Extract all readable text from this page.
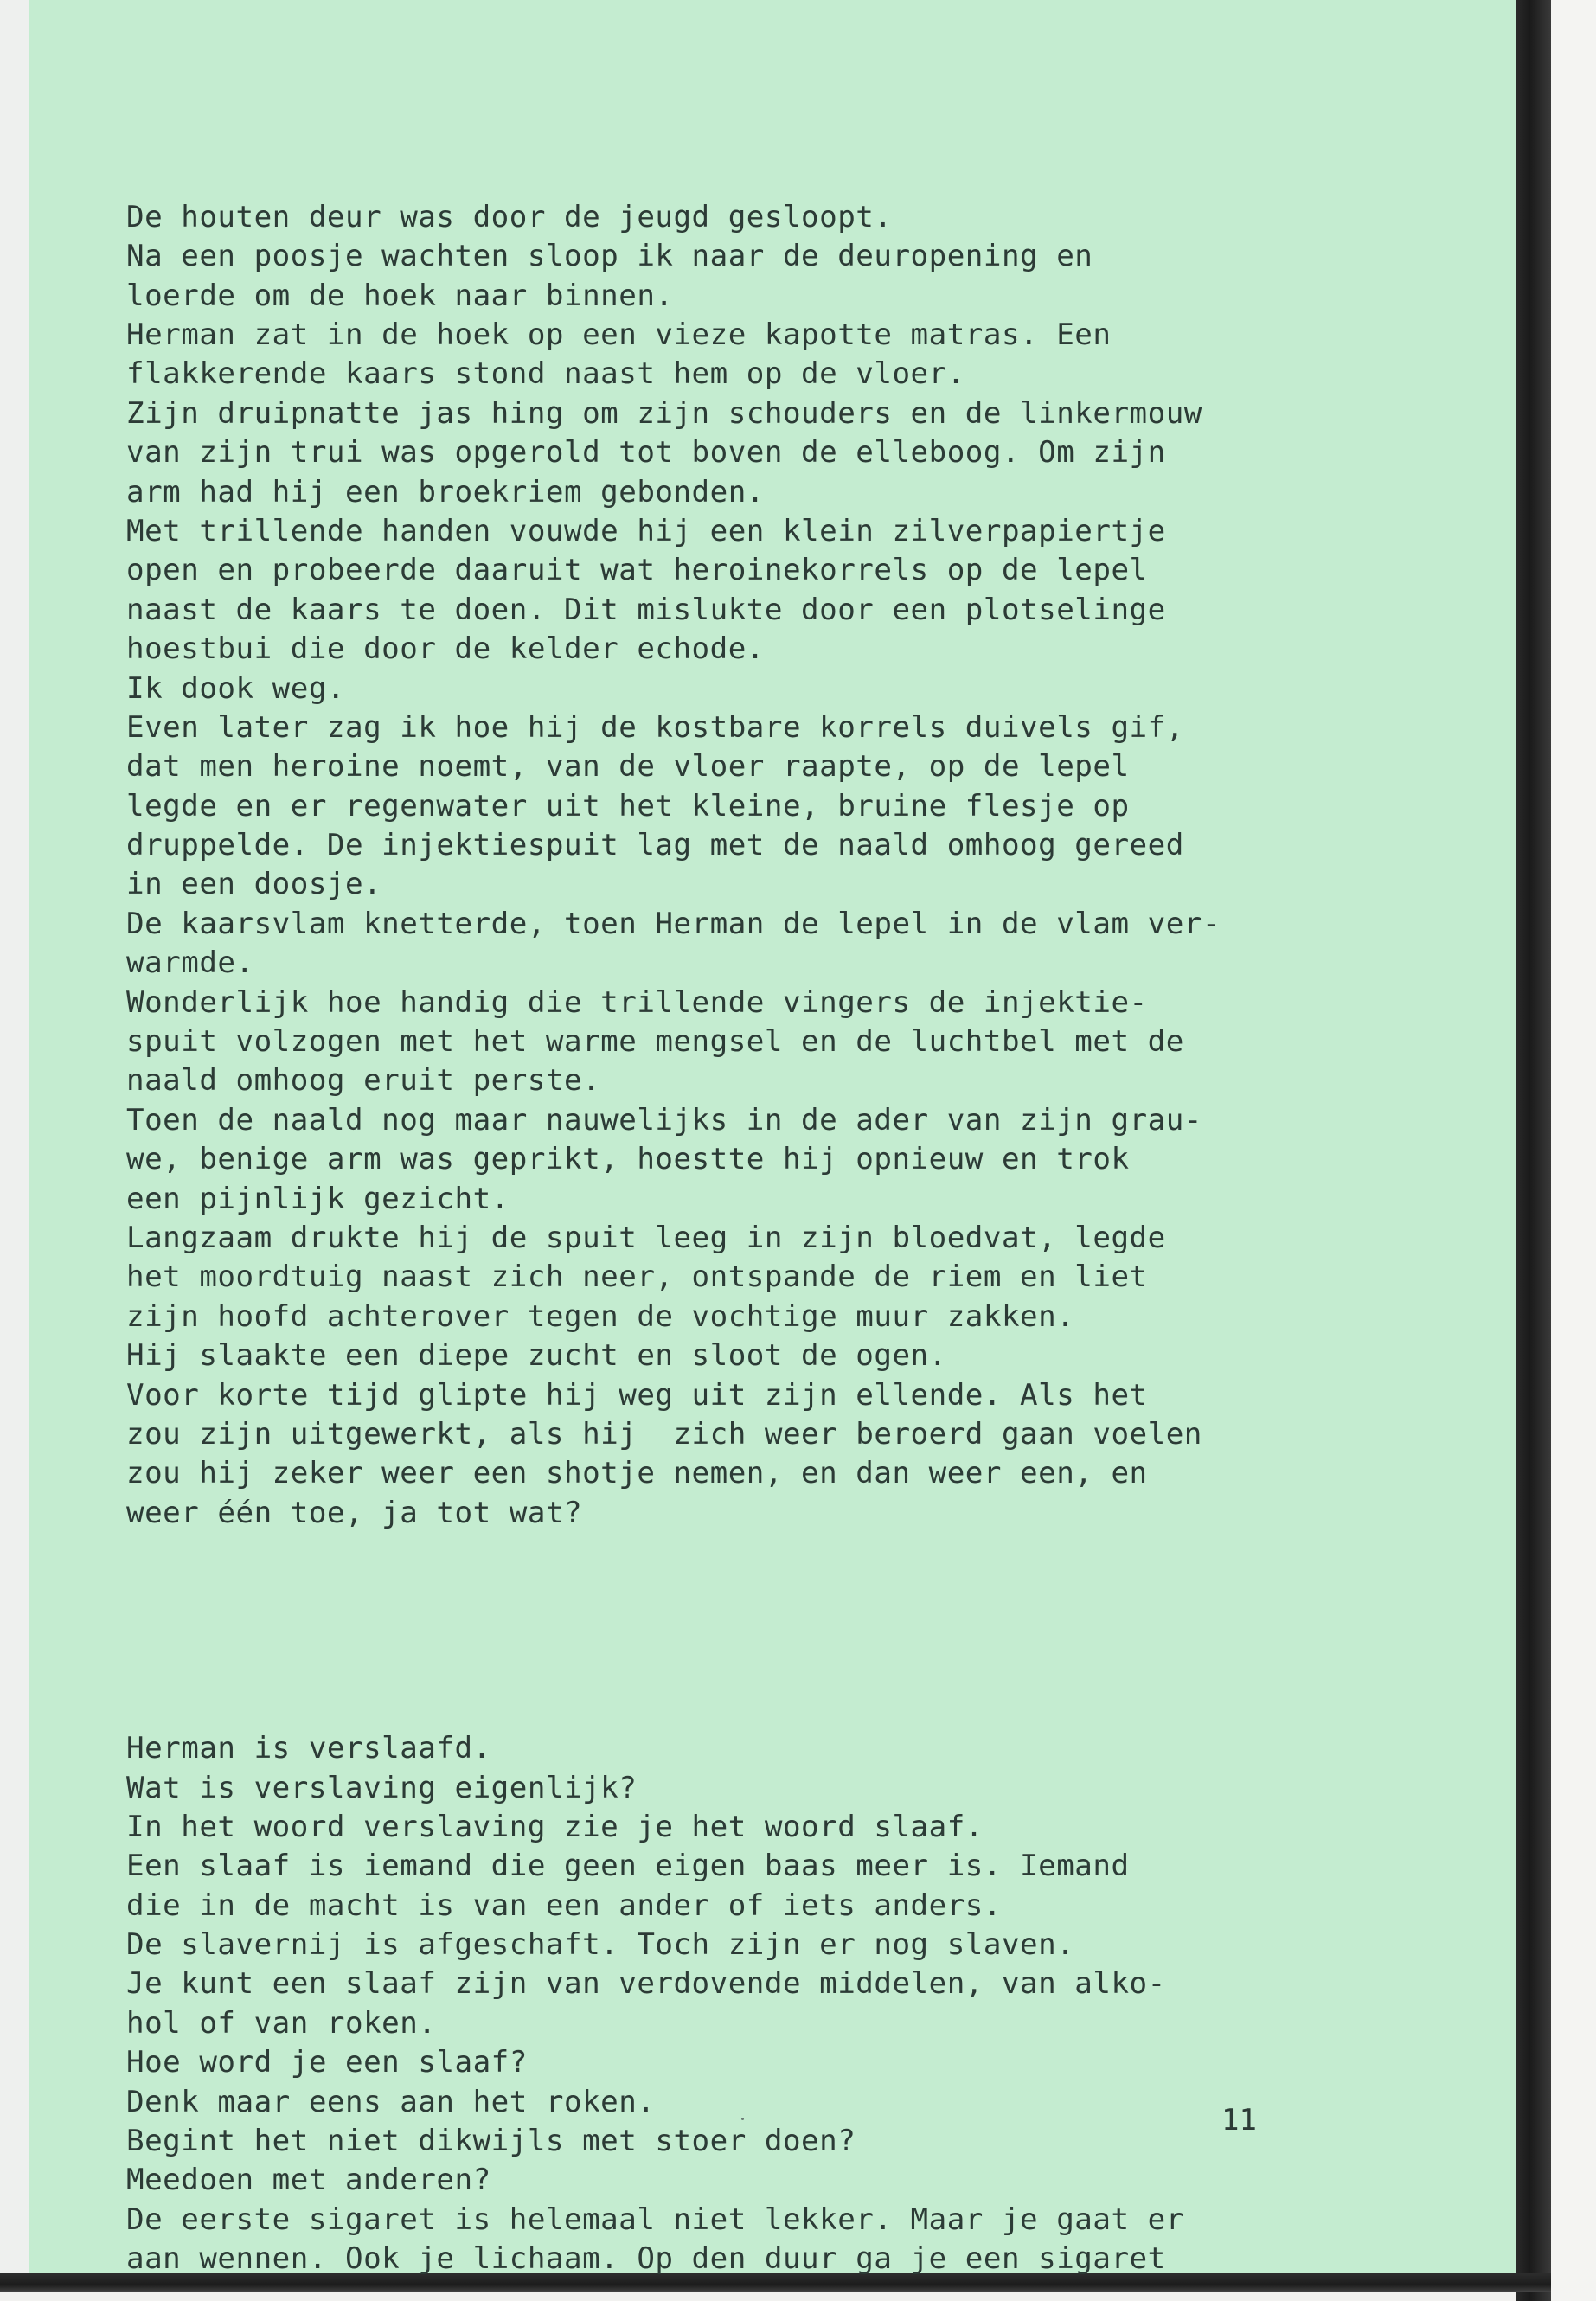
De houten deur was door de jeugd gesloopt.
Na een poosje wachten sloop ik naar de deuropening en
loerde om de hoek naar binnen.
Herman zat in de hoek op een vieze kapotte matras. Een
flakkerende kaars stond naast hem op de vloer.
Zijn druipnatte jas hing om zijn schouders en de linkermouw
van zijn trui was opgerold tot boven de elleboog. Om zijn
arm had hij een broekriem gebonden.
Met trillende handen vouwde hij een klein zilverpapiertje
open en probeerde daaruit wat heroinekorrels op de lepel
naast de kaars te doen. Dit mislukte door een plotselinge
hoestbui die door de kelder echode.
Ik dook weg.
Even later zag ik hoe hij de kostbare korrels duivels gif,
dat men heroine noemt, van de vloer raapte, op de lepel
legde en er regenwater uit het kleine, bruine flesje op
druppelde. De injektiespuit lag met de naald omhoog gereed
in een doosje.
De kaarsvlam knetterde, toen Herman de lepel in de vlam ver-
warmde.
Wonderlijk hoe handig die trillende vingers de injektie-
spuit volzogen met het warme mengsel en de luchtbel met de
naald omhoog eruit perste.
Toen de naald nog maar nauwelijks in de ader van zijn grau-
we, benige arm was geprikt, hoestte hij opnieuw en trok
een pijnlijk gezicht.
Langzaam drukte hij de spuit leeg in zijn bloedvat, legde
het moordtuig naast zich neer, ontspande de riem en liet
zijn hoofd achterover tegen de vochtige muur zakken.
Hij slaakte een diepe zucht en sloot de ogen.
Voor korte tijd glipte hij weg uit zijn ellende. Als het
zou zijn uitgewerkt, als hij  zich weer beroerd gaan voelen
zou hij zeker weer een shotje nemen, en dan weer een, en
weer één toe, ja tot wat?

Herman is verslaafd.
Wat is verslaving eigenlijk?
In het woord verslaving zie je het woord slaaf.
Een slaaf is iemand die geen eigen baas meer is. Iemand
die in de macht is van een ander of iets anders.
De slavernij is afgeschaft. Toch zijn er nog slaven.
Je kunt een slaaf zijn van verdovende middelen, van alko-
hol of van roken.
Hoe word je een slaaf?
Denk maar eens aan het roken.
Begint het niet dikwijls met stoer doen?
Meedoen met anderen?
De eerste sigaret is helemaal niet lekker. Maar je gaat er
aan wennen. Ook je lichaam. Op den duur ga je een sigaret

11
